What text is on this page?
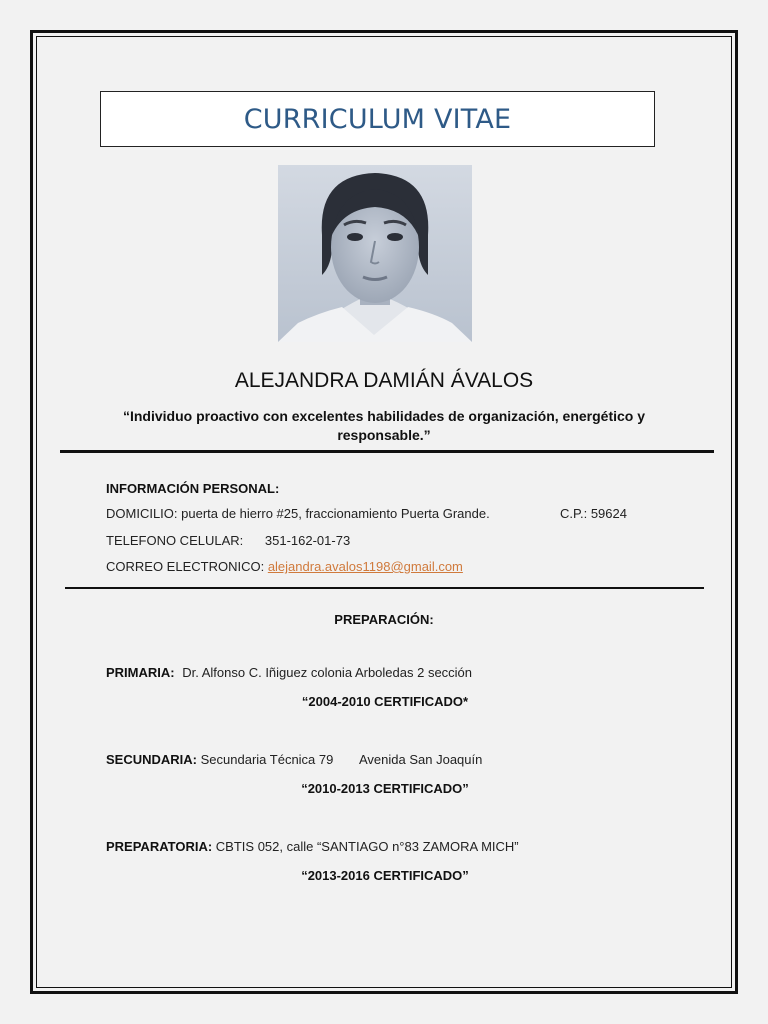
CURRICULUM VITAE
ALEJANDRA DAMIÁN ÁVALOS
“Individuo proactivo con excelentes habilidades de organización, energético y responsable.”
INFORMACIÓN PERSONAL:
DOMICILIO: puerta de hierro #25, fraccionamiento Puerta Grande.	C.P.: 59624
TELEFONO CELULAR: 351-162-01-73
CORREO ELECTRONICO: alejandra.avalos1198@gmail.com
PREPARACIÓN:
PRIMARIA: Dr. Alfonso C. Iñiguez colonia Arboledas 2 sección
“2004-2010 CERTIFICADO*
SECUNDARIA: Secundaria Técnica 79 Avenida San Joaquín
“2010-2013 CERTIFICADO”
PREPARATORIA: CBTIS 052, calle “SANTIAGO n°83 ZAMORA MICH”
“2013-2016 CERTIFICADO”
